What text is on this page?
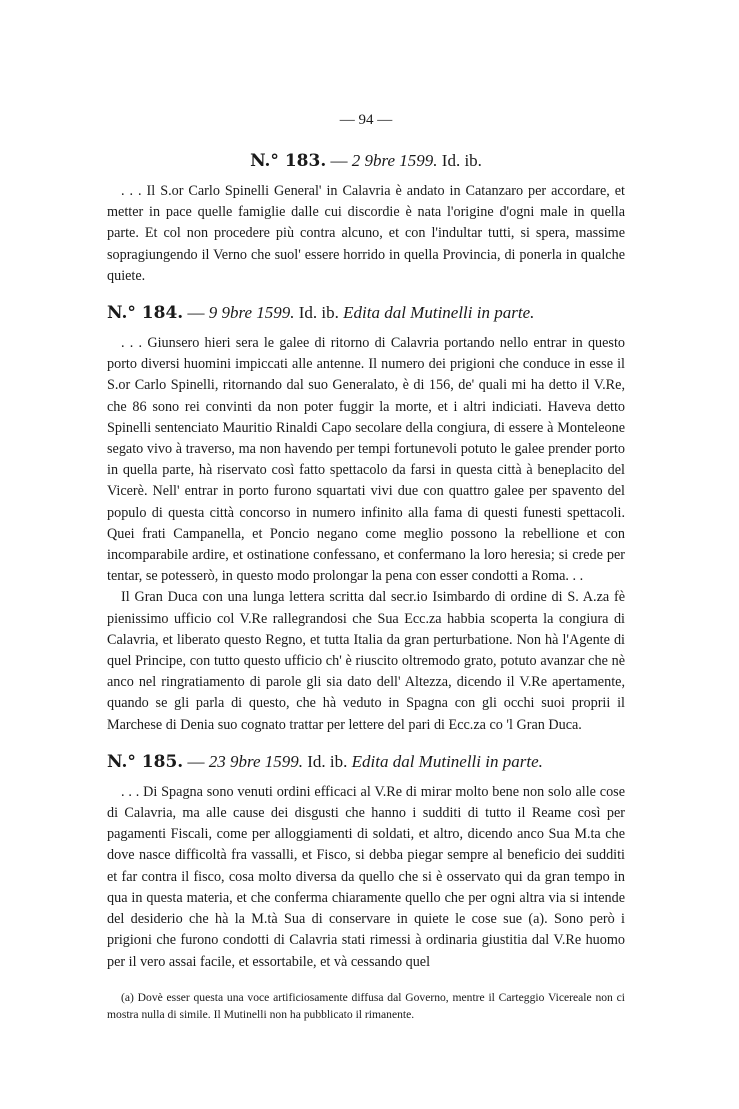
— 94 —
N.° 183. — 2 9bre 1599. Id. ib.

. . . Il S.or Carlo Spinelli General' in Calavria è andato in Catanzaro per accordare, et metter in pace quelle famiglie dalle cui discordie è nata l'origine d'ogni male in quella parte. Et col non procedere più contra alcuno, et con l'indultar tutti, si spera, massime sopragiungendo il Verno che suol' essere horrido in quella Provincia, di ponerla in qualche quiete.

N.° 184. — 9 9bre 1599. Id. ib. Edita dal Mutinelli in parte.

. . . Giunsero hieri sera le galee di ritorno di Calavria portando nello entrar in questo porto diversi huomini impiccati alle antenne. Il numero dei prigioni che conduce in esse il S.or Carlo Spinelli, ritornando dal suo Generalato, è di 156, de' quali mi ha detto il V.Re, che 86 sono rei convinti da non poter fuggir la morte, et i altri indiciati. Haveva detto Spinelli sentenciato Mauritio Rinaldi Capo secolare della congiura, di essere à Monteleone segato vivo à traverso, ma non havendo per tempi fortunevoli potuto le galee prender porto in quella parte, hà riservato così fatto spettacolo da farsi in questa città à beneplacito del Vicerè. Nell' entrar in porto furono squartati vivi due con quattro galee per spavento del populo di questa città concorso in numero infinito alla fama di questi funesti spettacoli. Quei frati Campanella, et Poncio negano come meglio possono la rebellione et con incomparabile ardire, et ostinatione confessano, et confermano la loro heresia; si crede per tentar, se potesserò, in questo modo prolongar la pena con esser condotti a Roma. . .

Il Gran Duca con una lunga lettera scritta dal secr.io Isimbardo di ordine di S. A.za fè pienissimo ufficio col V.Re rallegrandosi che Sua Ecc.za habbia scoperta la congiura di Calavria, et liberato questo Regno, et tutta Italia da gran perturbatione. Non hà l'Agente di quel Principe, con tutto questo ufficio ch' è riuscito oltremodo grato, potuto avanzar che nè anco nel ringratiamento di parole gli sia dato dell' Altezza, dicendo il V.Re apertamente, quando se gli parla di questo, che hà veduto in Spagna con gli occhi suoi proprii il Marchese di Denia suo cognato trattar per lettere del pari di Ecc.za co 'l Gran Duca.

N.° 185. — 23 9bre 1599. Id. ib. Edita dal Mutinelli in parte.

. . . Di Spagna sono venuti ordini efficaci al V.Re di mirar molto bene non solo alle cose di Calavria, ma alle cause dei disgusti che hanno i sudditi di tutto il Reame così per pagamenti Fiscali, come per alloggiamenti di soldati, et altro, dicendo anco Sua M.ta che dove nasce difficoltà fra vassalli, et Fisco, si debba piegar sempre al beneficio dei sudditi et far contra il fisco, cosa molto diversa da quello che si è osservato qui da gran tempo in qua in questa materia, et che conferma chiaramente quello che per ogni altra via si intende del desiderio che hà la M.tà Sua di conservare in quiete le cose sue (a). Sono però i prigioni che furono condotti di Calavria stati rimessi à ordinaria giustitia dal V.Re huomo per il vero assai facile, et essortabile, et và cessando quel

(a) Dovè esser questa una voce artificiosamente diffusa dal Governo, mentre il Carteggio Vicereale non ci mostra nulla di simile. Il Mutinelli non ha pubblicato il rimanente.
